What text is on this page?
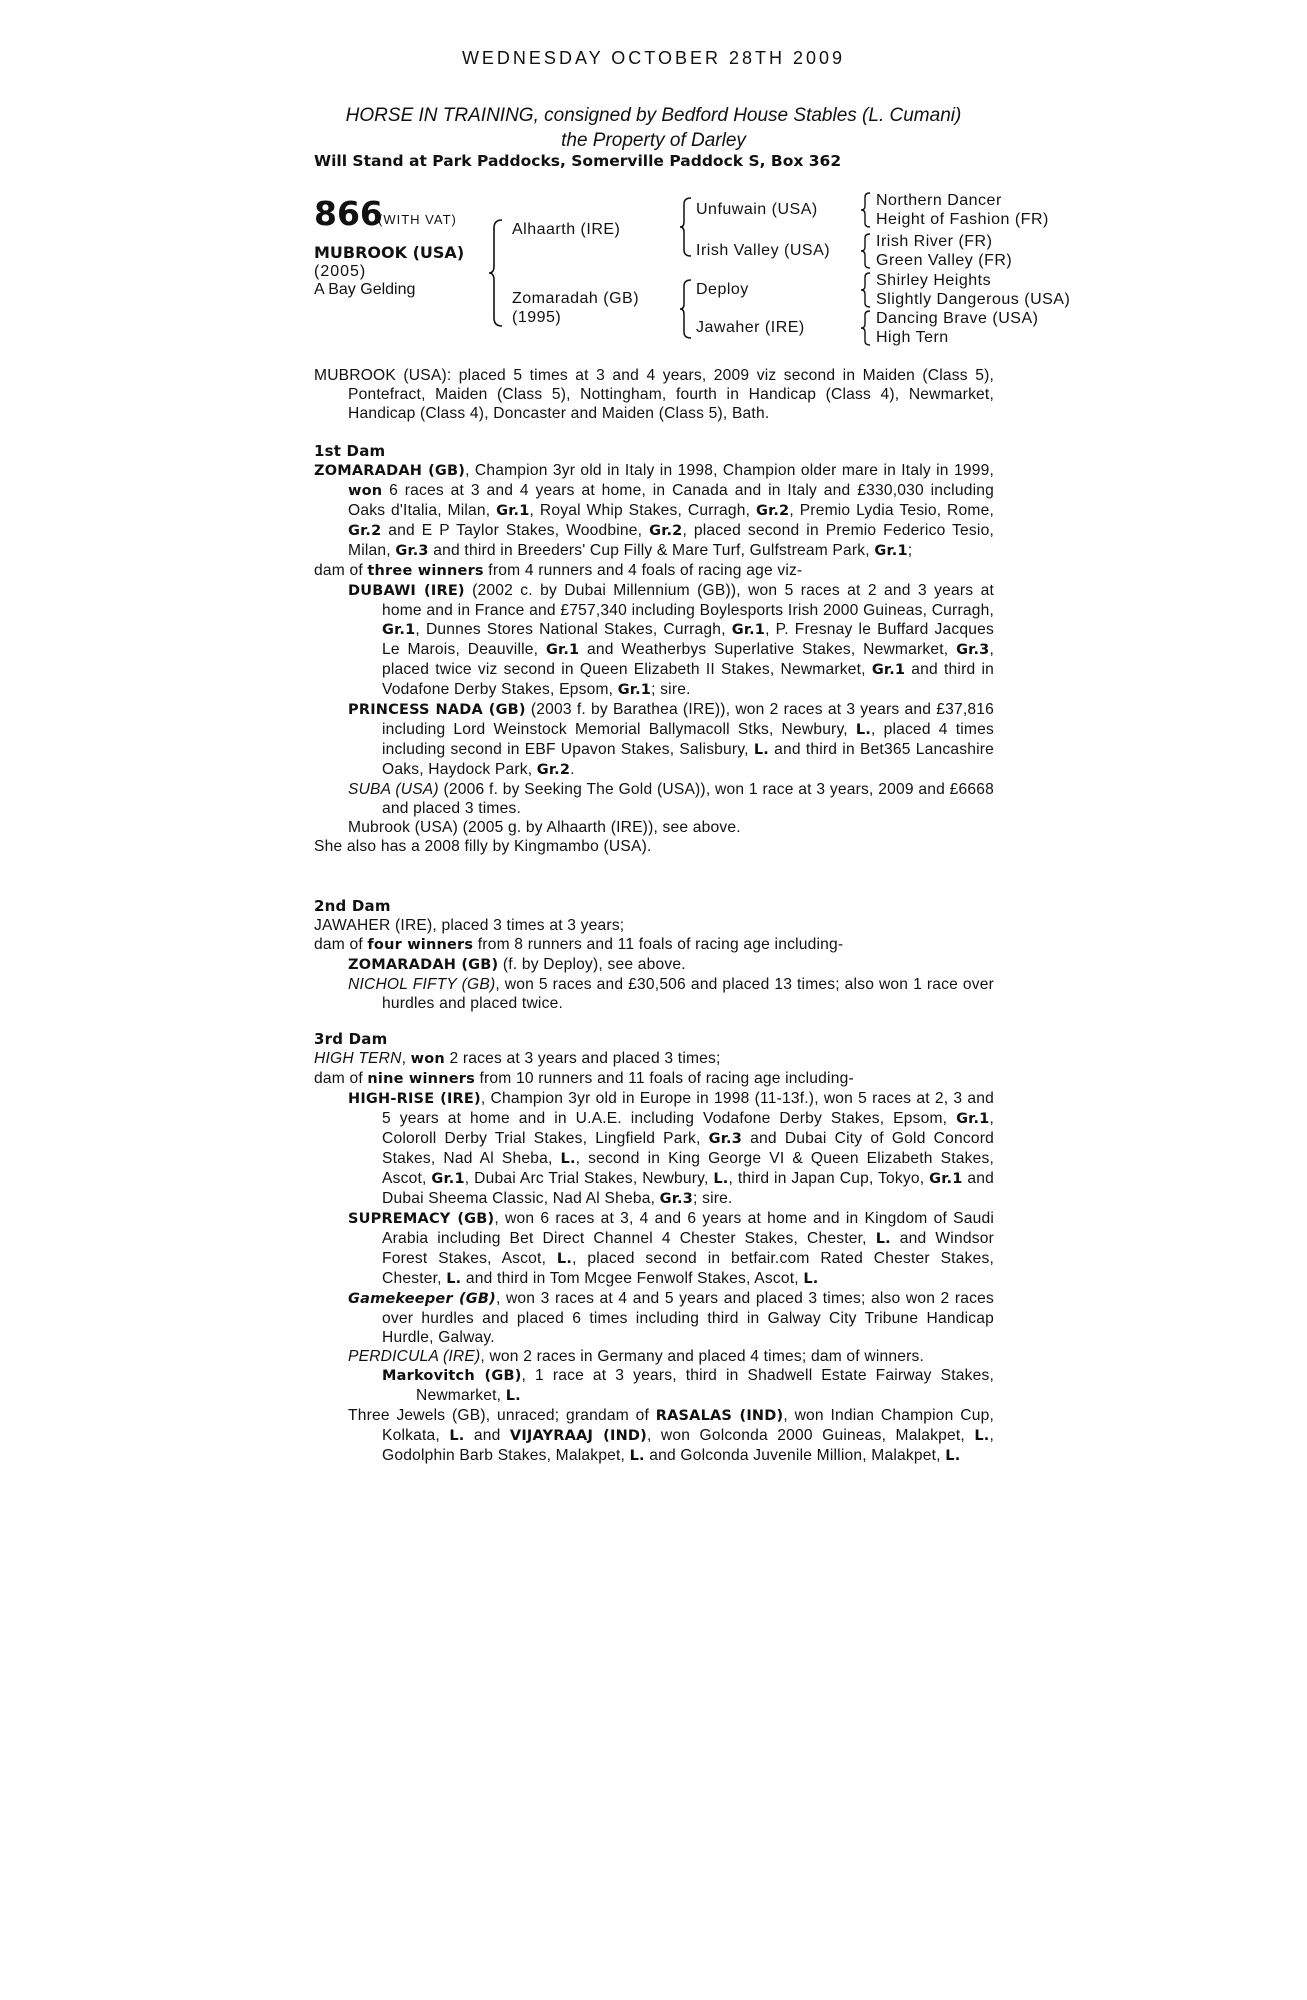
WEDNESDAY OCTOBER 28TH 2009
HORSE IN TRAINING, consigned by Bedford House Stables (L. Cumani)
the Property of Darley
Will Stand at Park Paddocks, Somerville Paddock S, Box 362
866
(WITH VAT)
MUBROOK (USA)
(2005)
A Bay Gelding
Alhaarth (IRE)
Zomaradah (GB)
(1995)
Unfuwain (USA)
Irish Valley (USA)
Deploy
Jawaher (IRE)
Northern Dancer
Height of Fashion (FR)
Irish River (FR)
Green Valley (FR)
Shirley Heights
Slightly Dangerous (USA)
Dancing Brave (USA)
High Tern

MUBROOK (USA): placed 5 times at 3 and 4 years, 2009 viz second in Maiden (Class 5), Pontefract, Maiden (Class 5), Nottingham, fourth in Handicap (Class 4), Newmarket, Handicap (Class 4), Doncaster and Maiden (Class 5), Bath.

1st Dam

ZOMARADAH (GB), Champion 3yr old in Italy in 1998, Champion older mare in Italy in 1999, won 6 races at 3 and 4 years at home, in Canada and in Italy and £330,030 including Oaks d'Italia, Milan, Gr.1, Royal Whip Stakes, Curragh, Gr.2, Premio Lydia Tesio, Rome, Gr.2 and E P Taylor Stakes, Woodbine, Gr.2, placed second in Premio Federico Tesio, Milan, Gr.3 and third in Breeders' Cup Filly & Mare Turf, Gulfstream Park, Gr.1;

dam of three winners from 4 runners and 4 foals of racing age viz-

DUBAWI (IRE) (2002 c. by Dubai Millennium (GB)), won 5 races at 2 and 3 years at home and in France and £757,340 including Boylesports Irish 2000 Guineas, Curragh, Gr.1, Dunnes Stores National Stakes, Curragh, Gr.1, P. Fresnay le Buffard Jacques Le Marois, Deauville, Gr.1 and Weatherbys Superlative Stakes, Newmarket, Gr.3, placed twice viz second in Queen Elizabeth II Stakes, Newmarket, Gr.1 and third in Vodafone Derby Stakes, Epsom, Gr.1; sire.

PRINCESS NADA (GB) (2003 f. by Barathea (IRE)), won 2 races at 3 years and £37,816 including Lord Weinstock Memorial Ballymacoll Stks, Newbury, L., placed 4 times including second in EBF Upavon Stakes, Salisbury, L. and third in Bet365 Lancashire Oaks, Haydock Park, Gr.2.

SUBA (USA) (2006 f. by Seeking The Gold (USA)), won 1 race at 3 years, 2009 and £6668 and placed 3 times.

Mubrook (USA) (2005 g. by Alhaarth (IRE)), see above.

She also has a 2008 filly by Kingmambo (USA).

2nd Dam

JAWAHER (IRE), placed 3 times at 3 years;

dam of four winners from 8 runners and 11 foals of racing age including-

ZOMARADAH (GB) (f. by Deploy), see above.

NICHOL FIFTY (GB), won 5 races and £30,506 and placed 13 times; also won 1 race over hurdles and placed twice.

3rd Dam

HIGH TERN, won 2 races at 3 years and placed 3 times;

dam of nine winners from 10 runners and 11 foals of racing age including-

HIGH-RISE (IRE), Champion 3yr old in Europe in 1998 (11-13f.), won 5 races at 2, 3 and 5 years at home and in U.A.E. including Vodafone Derby Stakes, Epsom, Gr.1, Coloroll Derby Trial Stakes, Lingfield Park, Gr.3 and Dubai City of Gold Concord Stakes, Nad Al Sheba, L., second in King George VI & Queen Elizabeth Stakes, Ascot, Gr.1, Dubai Arc Trial Stakes, Newbury, L., third in Japan Cup, Tokyo, Gr.1 and Dubai Sheema Classic, Nad Al Sheba, Gr.3; sire.

SUPREMACY (GB), won 6 races at 3, 4 and 6 years at home and in Kingdom of Saudi Arabia including Bet Direct Channel 4 Chester Stakes, Chester, L. and Windsor Forest Stakes, Ascot, L., placed second in betfair.com Rated Chester Stakes, Chester, L. and third in Tom Mcgee Fenwolf Stakes, Ascot, L.

Gamekeeper (GB), won 3 races at 4 and 5 years and placed 3 times; also won 2 races over hurdles and placed 6 times including third in Galway City Tribune Handicap Hurdle, Galway.

PERDICULA (IRE), won 2 races in Germany and placed 4 times; dam of winners.

Markovitch (GB), 1 race at 3 years, third in Shadwell Estate Fairway Stakes, Newmarket, L.

Three Jewels (GB), unraced; grandam of RASALAS (IND), won Indian Champion Cup, Kolkata, L. and VIJAYRAAJ (IND), won Golconda 2000 Guineas, Malakpet, L., Godolphin Barb Stakes, Malakpet, L. and Golconda Juvenile Million, Malakpet, L.
